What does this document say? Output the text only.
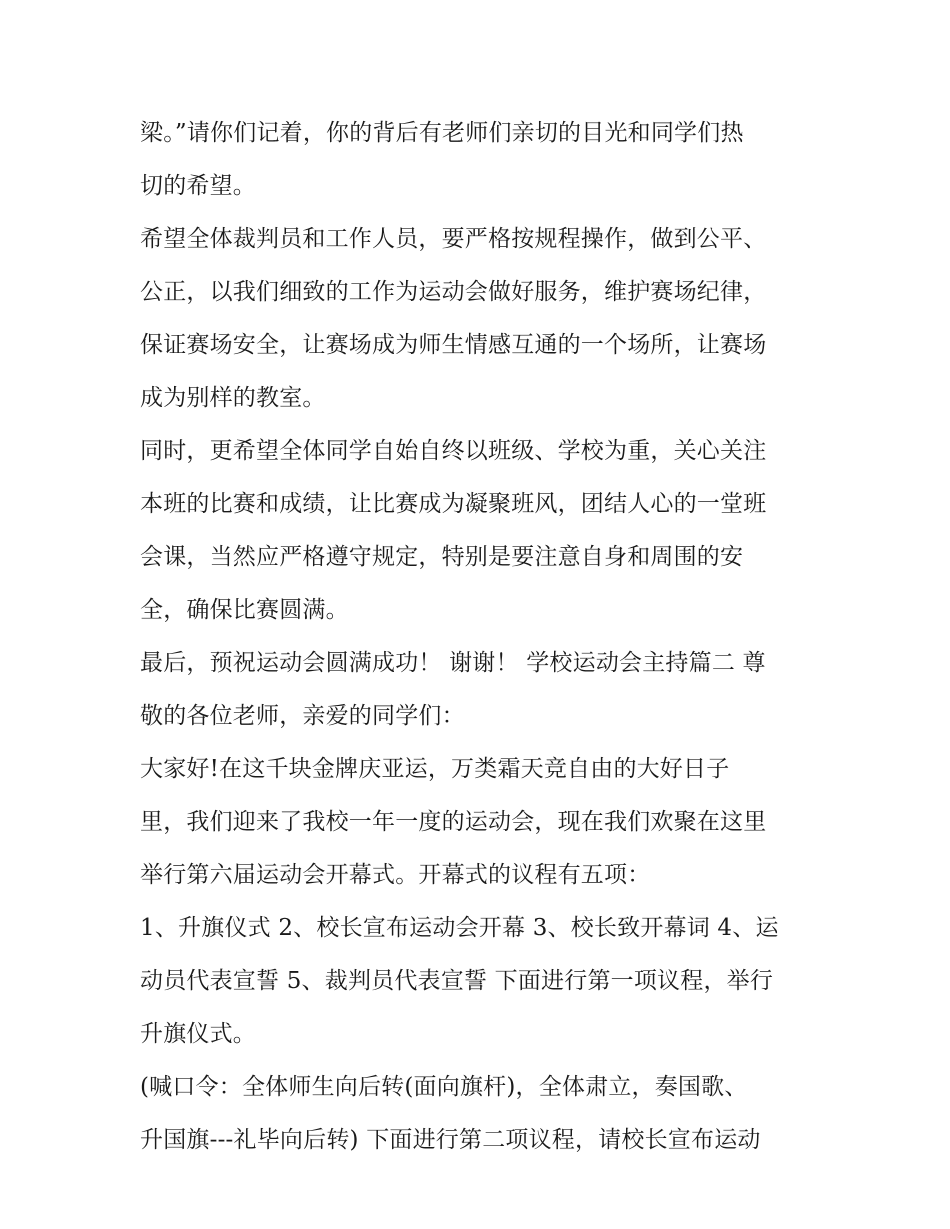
梁。”请你们记着，你的背后有老师们亲切的目光和同学们热
切的希望。
希望全体裁判员和工作人员，要严格按规程操作，做到公平、
公正，以我们细致的工作为运动会做好服务，维护赛场纪律，
保证赛场安全，让赛场成为师生情感互通的一个场所，让赛场
成为别样的教室。
同时，更希望全体同学自始自终以班级、学校为重，关心关注
本班的比赛和成绩，让比赛成为凝聚班风，团结人心的一堂班
会课，当然应严格遵守规定，特别是要注意自身和周围的安
全，确保比赛圆满。
最后，预祝运动会圆满成功！ 谢谢！ 学校运动会主持篇二 尊
敬的各位老师，亲爱的同学们：
大家好!在这千块金牌庆亚运，万类霜天竞自由的大好日子
里，我们迎来了我校一年一度的运动会，现在我们欢聚在这里
举行第六届运动会开幕式。开幕式的议程有五项：
1、升旗仪式 2、校长宣布运动会开幕 3、校长致开幕词 4、运
动员代表宣誓 5、裁判员代表宣誓 下面进行第一项议程，举行
升旗仪式。
(喊口令：全体师生向后转(面向旗杆)，全体肃立，奏国歌、
升国旗---礼毕向后转) 下面进行第二项议程，请校长宣布运动
